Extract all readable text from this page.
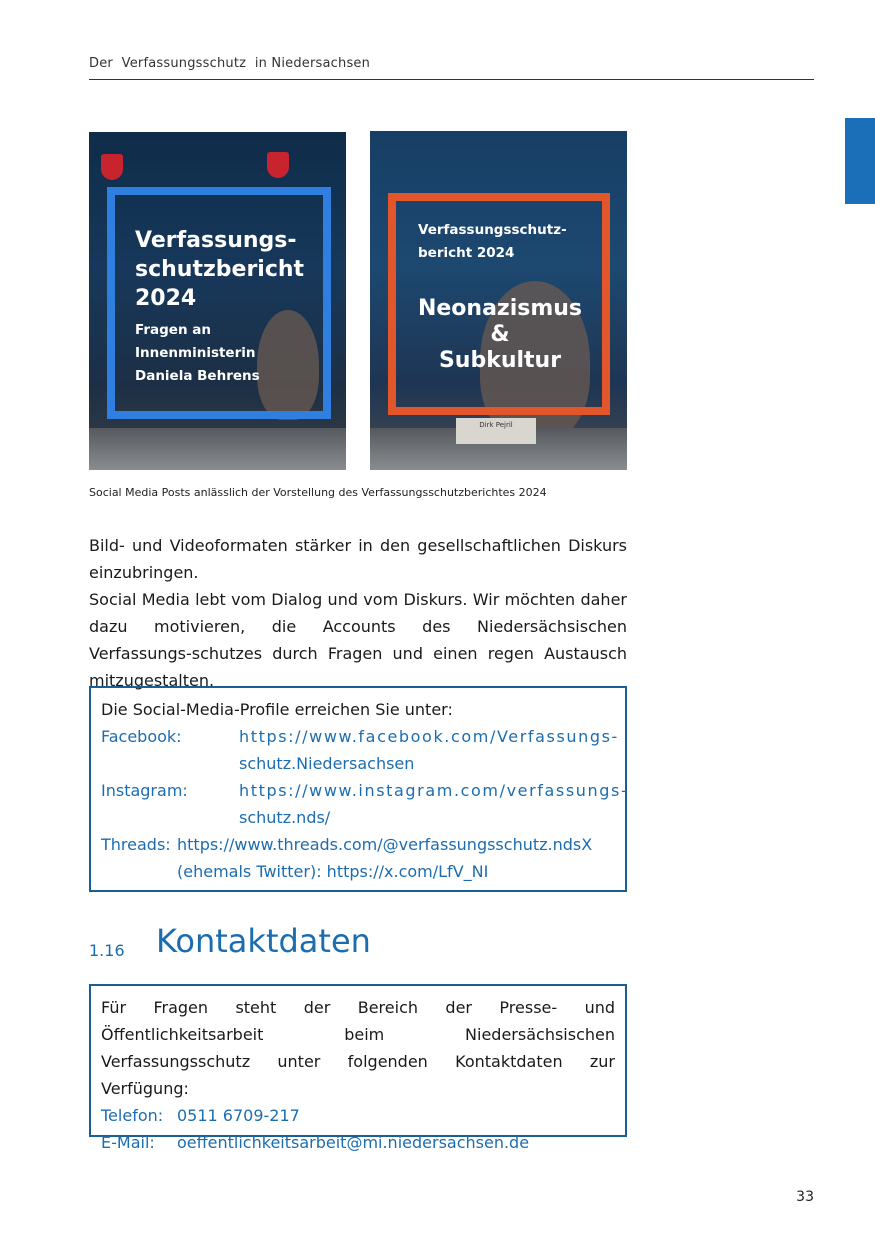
Der  Verfassungsschutz  in Niedersachsen
Verfassungs-
schutzbericht
2024
Fragen an
Innenministerin
Daniela Behrens
Dirk Pejril
Verfassungsschutz-
bericht 2024
Neonazismus
&
Subkultur
Social Media Posts anlässlich der Vorstellung des Verfassungsschutzberichtes 2024

Bild- und Videoformaten stärker in den gesellschaftlichen Diskurs einzubringen.

Social Media lebt vom Dialog und vom Diskurs. Wir möchten daher dazu motivieren, die Accounts des Niedersächsischen Verfassungs-schutzes durch Fragen und einen regen Austausch mitzugestalten.

Die Social-Media-Profile erreichen Sie unter:
Facebook:	https://www.facebook.com/Verfassungs-
schutz.Niedersachsen
Instagram:	https://www.instagram.com/verfassungs-
schutz.nds/
Threads: https://www.threads.com/@verfassungsschutz.ndsX
(ehemals Twitter): https://x.com/LfV_NI
1.16 Kontaktdaten

Für Fragen steht der Bereich der Presse- und Öffentlichkeitsarbeit beim Niedersächsischen Verfassungsschutz unter folgenden Kontaktdaten zur Verfügung:

Telefon: 0511 6709-217
E-Mail:	oeffentlichkeitsarbeit@mi.niedersachsen.de
33
